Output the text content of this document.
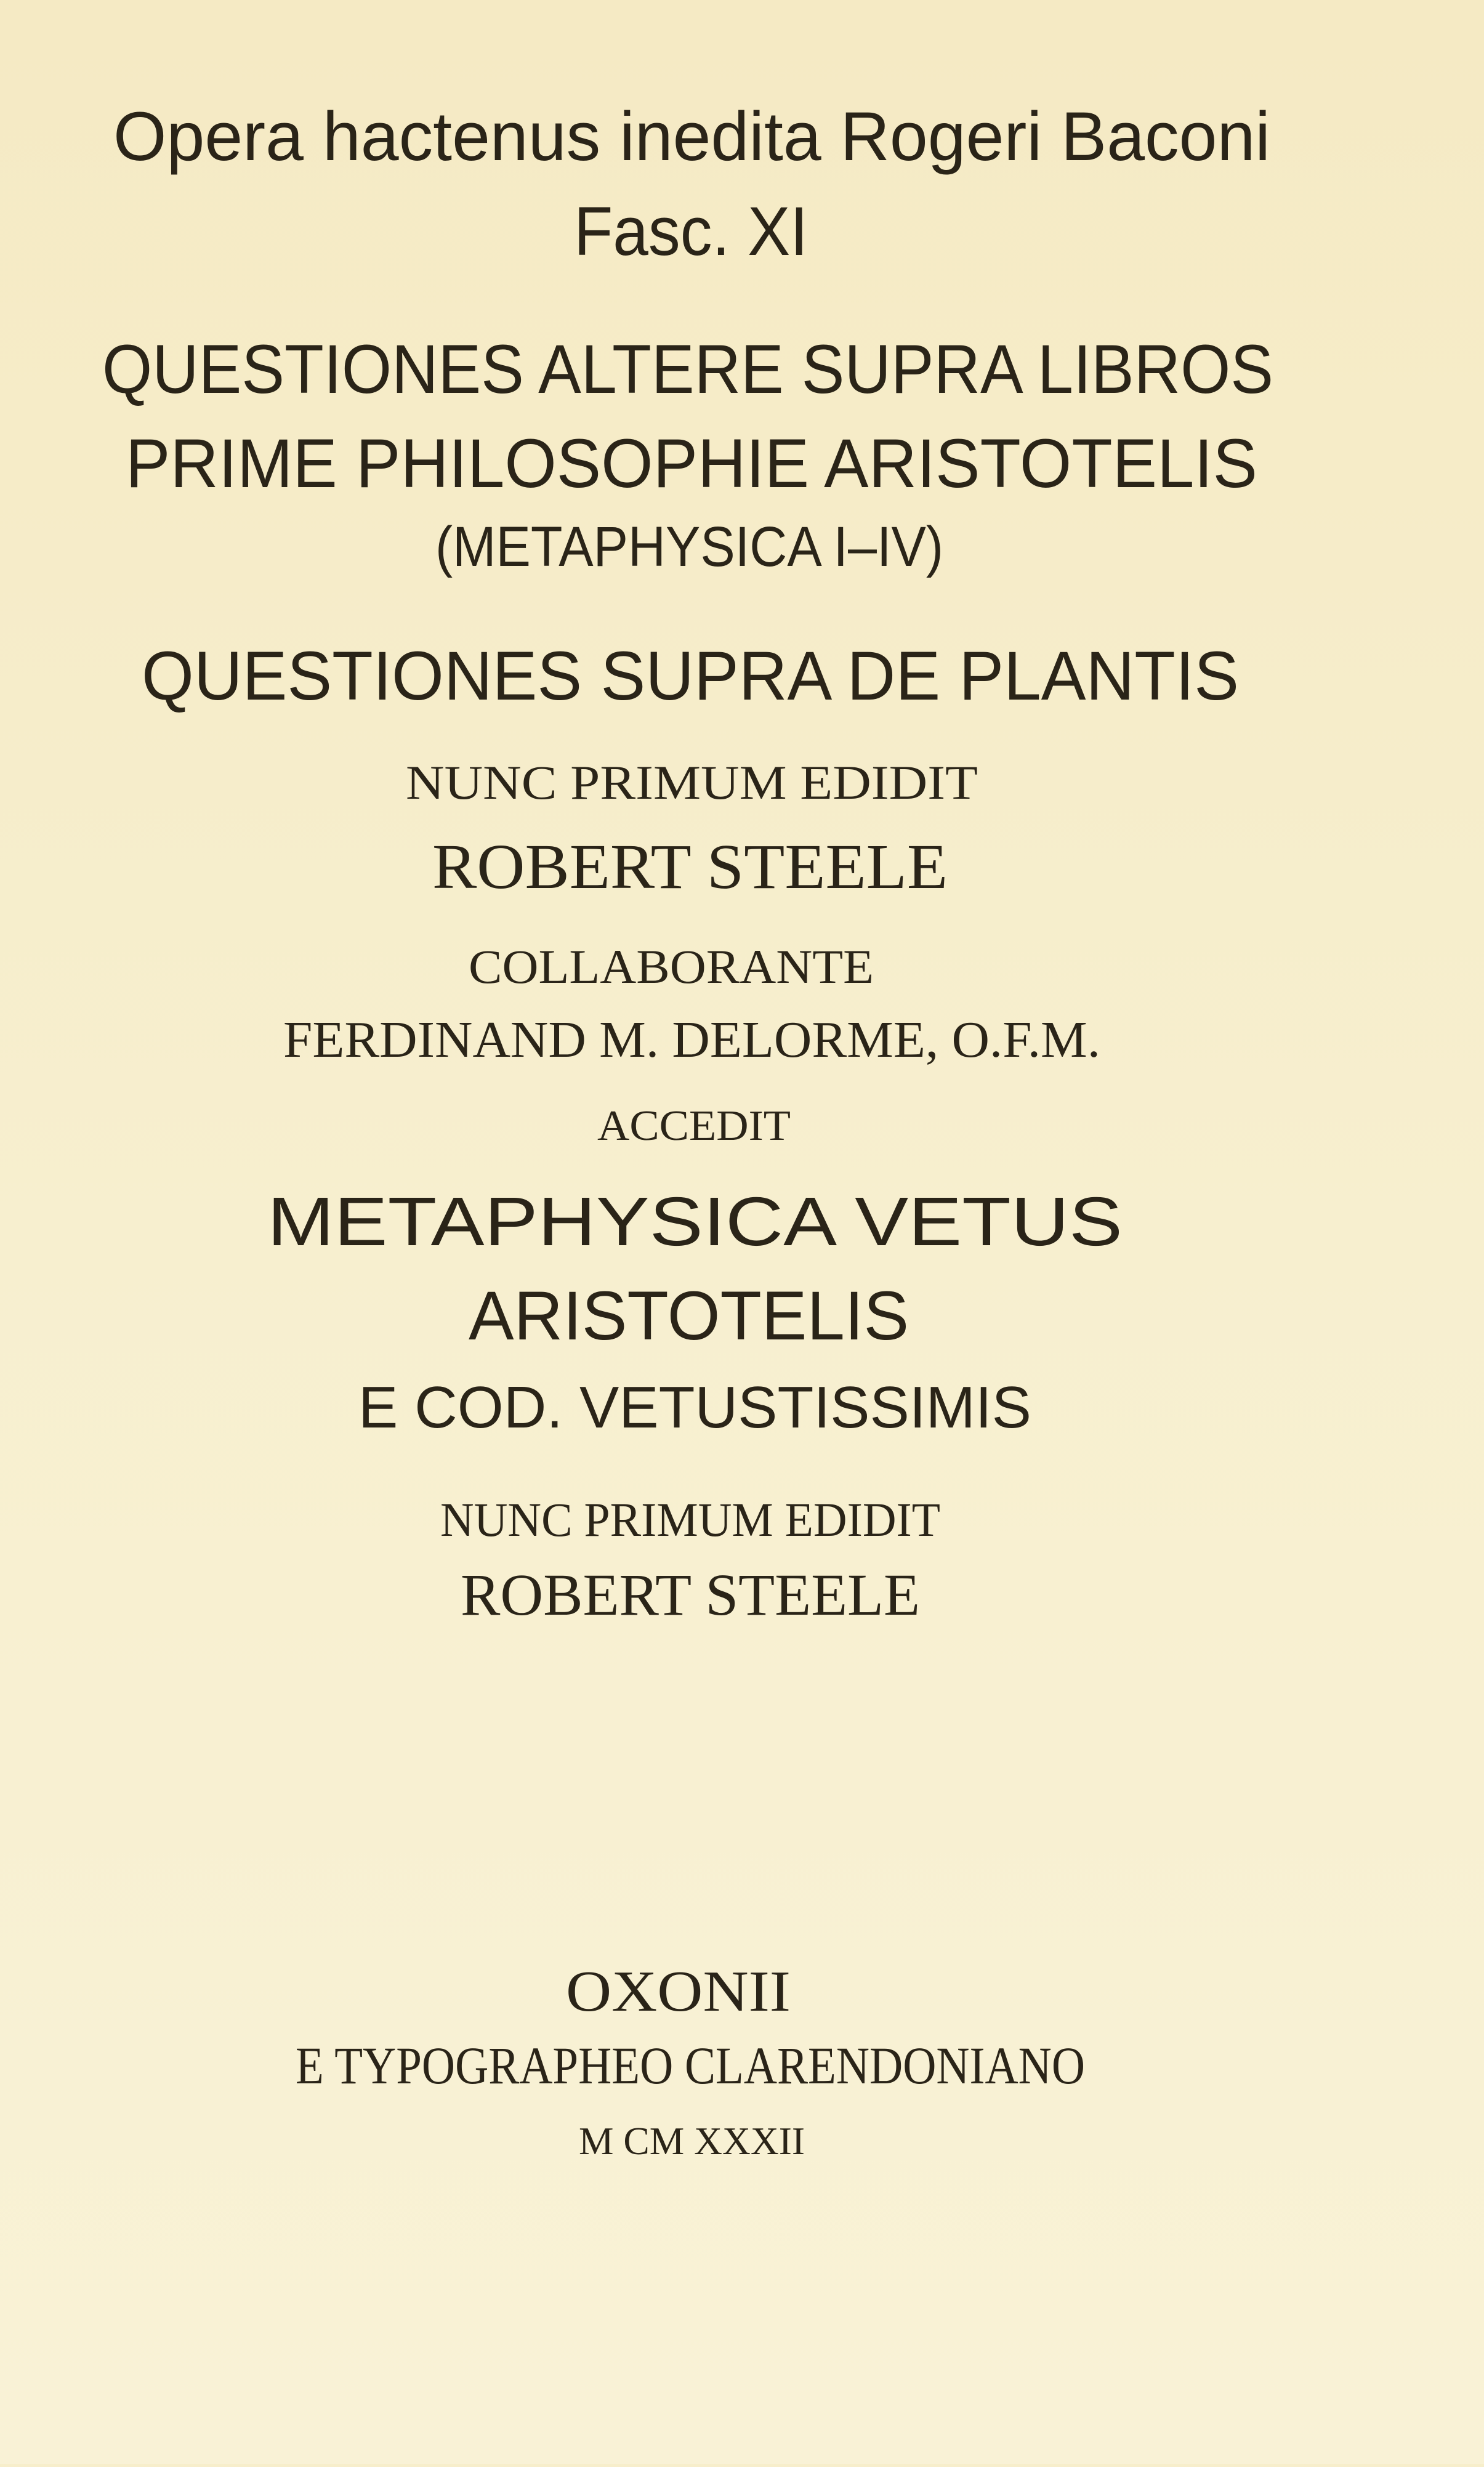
Opera hactenus inedita Rogeri Baconi
Fasc. XI
QUESTIONES ALTERE SUPRA LIBROS
PRIME PHILOSOPHIE ARISTOTELIS
(METAPHYSICA I–IV)
QUESTIONES SUPRA DE PLANTIS
NUNC PRIMUM EDIDIT
ROBERT STEELE
COLLABORANTE
FERDINAND M. DELORME, O.F.M.
ACCEDIT
METAPHYSICA VETUS
ARISTOTELIS
E COD. VETUSTISSIMIS
NUNC PRIMUM EDIDIT
ROBERT STEELE
OXONII
E TYPOGRAPHEO CLARENDONIANO
M CM XXXII
